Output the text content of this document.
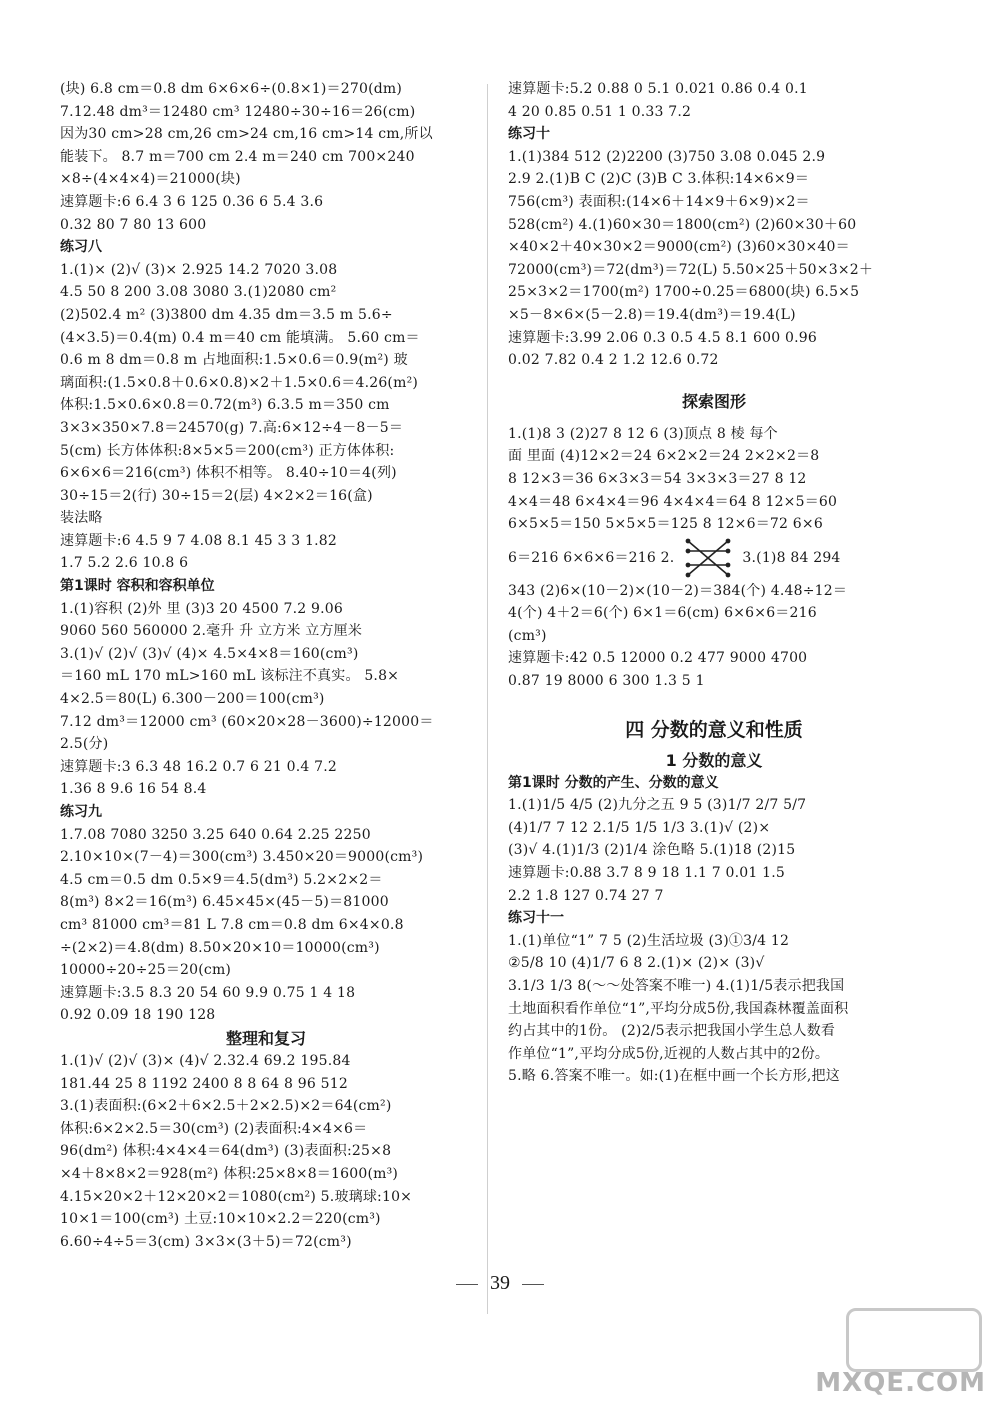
(块) 6.8 cm＝0.8 dm 6×6×6÷(0.8×1)＝270(dm)
7.12.48 dm³＝12480 cm³ 12480÷30÷16＝26(cm)
因为30 cm>28 cm,26 cm>24 cm,16 cm>14 cm,所以
能装下。 8.7 m＝700 cm 2.4 m＝240 cm 700×240
×8÷(4×4×4)＝21000(块)
速算题卡:6 6.4 3 6 125 0.36 6 5.4 3.6
0.32 80 7 80 13 600
练习八
1.(1)× (2)√ (3)× 2.925 14.2 7020 3.08
4.5 50 8 200 3.08 3080 3.(1)2080 cm²
(2)502.4 m² (3)3800 dm 4.35 dm＝3.5 m 5.6÷
(4×3.5)＝0.4(m) 0.4 m＝40 cm 能填满。 5.60 cm＝
0.6 m 8 dm＝0.8 m 占地面积:1.5×0.6＝0.9(m²) 玻
璃面积:(1.5×0.8＋0.6×0.8)×2＋1.5×0.6＝4.26(m²)
体积:1.5×0.6×0.8＝0.72(m³) 6.3.5 m＝350 cm
3×3×350×7.8＝24570(g) 7.高:6×12÷4－8－5＝
5(cm) 长方体体积:8×5×5＝200(cm³) 正方体体积:
6×6×6＝216(cm³) 体积不相等。 8.40÷10＝4(列)
30÷15＝2(行) 30÷15＝2(层) 4×2×2＝16(盒)
装法略
速算题卡:6 4.5 9 7 4.08 8.1 45 3 3 1.82
1.7 5.2 2.6 10.8 6
第1课时 容积和容积单位
1.(1)容积 (2)外 里 (3)3 20 4500 7.2 9.06
9060 560 560000 2.毫升 升 立方米 立方厘米
3.(1)√ (2)√ (3)√ (4)× 4.5×4×8＝160(cm³)
＝160 mL 170 mL>160 mL 该标注不真实。 5.8×
4×2.5＝80(L) 6.300－200＝100(cm³)
7.12 dm³＝12000 cm³ (60×20×28－3600)÷12000＝
2.5(分)
速算题卡:3 6.3 48 16.2 0.7 6 21 0.4 7.2
1.36 8 9.6 16 54 8.4
练习九
1.7.08 7080 3250 3.25 640 0.64 2.25 2250
2.10×10×(7－4)＝300(cm³) 3.450×20＝9000(cm³)
4.5 cm＝0.5 dm 0.5×9＝4.5(dm³) 5.2×2×2＝
8(m³) 8×2＝16(m³) 6.45×45×(45－5)＝81000
cm³ 81000 cm³＝81 L 7.8 cm＝0.8 dm 6×4×0.8
÷(2×2)＝4.8(dm) 8.50×20×10＝10000(cm³)
10000÷20÷25＝20(cm)
速算题卡:3.5 8.3 20 54 60 9.9 0.75 1 4 18
0.92 0.09 18 190 128
整理和复习
1.(1)√ (2)√ (3)× (4)√ 2.32.4 69.2 195.84
181.44 25 8 1192 2400 8 8 64 8 96 512
3.(1)表面积:(6×2＋6×2.5＋2×2.5)×2＝64(cm²)
体积:6×2×2.5＝30(cm³) (2)表面积:4×4×6＝
96(dm²) 体积:4×4×4＝64(dm³) (3)表面积:25×8
×4＋8×8×2＝928(m²) 体积:25×8×8＝1600(m³)
4.15×20×2＋12×20×2＝1080(cm²) 5.玻璃球:10×
10×1＝100(cm³) 土豆:10×10×2.2＝220(cm³)
6.60÷4÷5＝3(cm) 3×3×(3＋5)＝72(cm³)
速算题卡:5.2 0.88 0 5.1 0.021 0.86 0.4 0.1
4 20 0.85 0.51 1 0.33 7.2
练习十
1.(1)384 512 (2)2200 (3)750 3.08 0.045 2.9
2.9 2.(1)B C (2)C (3)B C 3.体积:14×6×9＝
756(cm³) 表面积:(14×6＋14×9＋6×9)×2＝
528(cm²) 4.(1)60×30＝1800(cm²) (2)60×30＋60
×40×2＋40×30×2＝9000(cm²) (3)60×30×40＝
72000(cm³)＝72(dm³)＝72(L) 5.50×25＋50×3×2＋
25×3×2＝1700(m²) 1700÷0.25＝6800(块) 6.5×5
×5－8×6×(5－2.8)＝19.4(dm³)＝19.4(L)
速算题卡:3.99 2.06 0.3 0.5 4.5 8.1 600 0.96
0.02 7.82 0.4 2 1.2 12.6 0.72
探索图形
1.(1)8 3 (2)27 8 12 6 (3)顶点 8 棱 每个
面 里面 (4)12×2＝24 6×2×2＝24 2×2×2＝8
8 12×3＝36 6×3×3＝54 3×3×3＝27 8 12
4×4＝48 6×4×4＝96 4×4×4＝64 8 12×5＝60
6×5×5＝150 5×5×5＝125 8 12×6＝72 6×6
6＝216 6×6×6＝216 2.	3.(1)8 84 294
343 (2)6×(10－2)×(10－2)＝384(个) 4.48÷12＝
4(个) 4＋2＝6(个) 6×1＝6(cm) 6×6×6＝216
(cm³)
速算题卡:42 0.5 12000 0.2 477 9000 4700
0.87 19 8000 6 300 1.3 5 1
四 分数的意义和性质
1 分数的意义
第1课时 分数的产生、分数的意义
1.(1)1/5 4/5 (2)九分之五 9 5 (3)1/7 2/7 5/7
(4)1/7 7 12 2.1/5 1/5 1/3 3.(1)√ (2)×
(3)√ 4.(1)1/3 (2)1/4 涂色略 5.(1)18 (2)15
速算题卡:0.88 3.7 8 9 18 1.1 7 0.01 1.5
2.2 1.8 127 0.74 27 7
练习十一
1.(1)单位“1” 7 5 (2)生活垃圾 (3)①3/4 12
②5/8 10 (4)1/7 6 8 2.(1)× (2)× (3)√
3.1/3 1/3 8(～～处答案不唯一) 4.(1)1/5表示把我国
土地面积看作单位“1”,平均分成5份,我国森林覆盖面积
约占其中的1份。 (2)2/5表示把我国小学生总人数看
作单位“1”,平均分成5份,近视的人数占其中的2份。
5.略 6.答案不唯一。如:(1)在框中画一个长方形,把这
39
MXQE.COM
